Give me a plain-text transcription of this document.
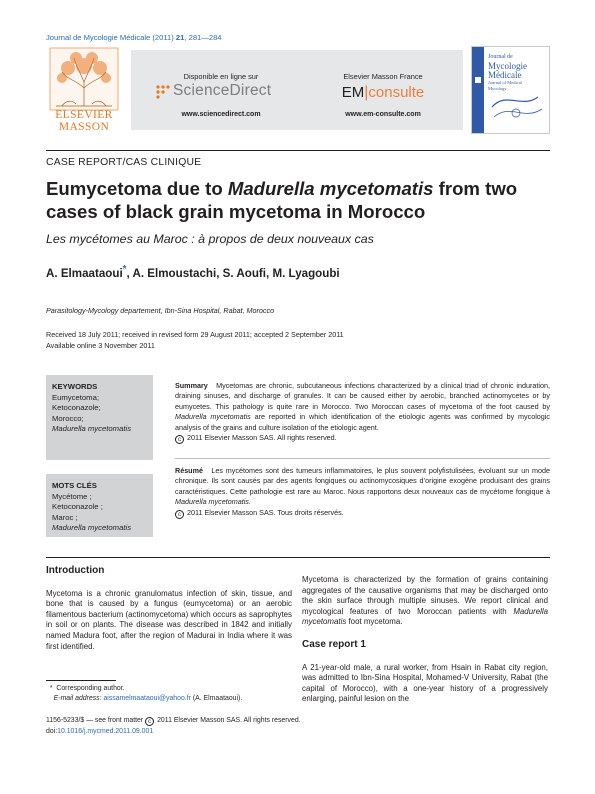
Journal de Mycologie Médicale (2011) 21, 281—284
ELSEVIER
MASSON
Disponible en ligne sur
ScienceDirect
www.sciencedirect.com
Elsevier Masson France
EM|consulte
www.em-consulte.com
Journal de
Mycologie
Médicale
Journal of Medical Mycology
CASE REPORT/CAS CLINIQUE
Eumycetoma due to Madurella mycetomatis from two cases of black grain mycetoma in Morocco
Les mycétomes au Maroc : à propos de deux nouveaux cas
A. Elmaataoui*, A. Elmoustachi, S. Aoufi, M. Lyagoubi
Parasitology-Mycology departement, Ibn-Sina Hospital, Rabat, Morocco
Received 18 July 2011; received in revised form 29 August 2011; accepted 2 September 2011
Available online 3 November 2011
KEYWORDS
Eumycetoma;
Ketoconazole;
Morocco;
Madurella mycetomatis
MOTS CLÉS
Mycétome ;
Ketoconazole ;
Maroc ;
Madurella mycetomatis
Summary Mycetomas are chronic, subcutaneous infections characterized by a clinical triad of chronic induration, draining sinuses, and discharge of granules. It can be caused either by aerobic, branched actinomycetes or by eumycetes. This pathology is quite rare in Morocco. Two Moroccan cases of mycetoma of the foot caused by Madurella mycetomatis are reported in which identification of the etiologic agents was confirmed by mycologic analysis of the grains and culture isolation of the etiologic agent.
c 2011 Elsevier Masson SAS. All rights reserved.
Résumé Les mycétomes sont des tumeurs inflammatoires, le plus souvent polyfistulisées, évoluant sur un mode chronique. Ils sont causés par des agents fongiques ou actinomycosiques d’origine exogène produisant des grains caractéristiques. Cette pathologie est rare au Maroc. Nous rapportons deux nouveaux cas de mycétome fongique à Madurella mycetomatis.
c 2011 Elsevier Masson SAS. Tous droits réservés.
Introduction
Mycetoma is a chronic granulomatus infection of skin, tissue, and bone that is caused by a fungus (eumycetoma) or an aerobic filamentous bacterium (actinomycetoma) which occurs as saprophytes in soil or on plants. The disease was described in 1842 and initially named Madura foot, after the region of Madurai in India where it was first identified.
Mycetoma is characterized by the formation of grains containing aggregates of the causative organisms that may be discharged onto the skin surface through multiple sinuses. We report clinical and mycological features of two Moroccan patients with Madurella mycetomatis foot mycetoma.
Case report 1
A 21-year-old male, a rural worker, from Hsain in Rabat city region, was admitted to Ibn-Sina Hospital, Mohamed-V University, Rabat (the capital of Morocco), with a one-year history of a progressively enlarging, painful lesion on the
* Corresponding author.
E-mail address: aissamelmaataoui@yahoo.fr (A. Elmaataoui).
1156-5233/$ — see front matter c 2011 Elsevier Masson SAS. All rights reserved.
doi:10.1016/j.mycmed.2011.09.001
